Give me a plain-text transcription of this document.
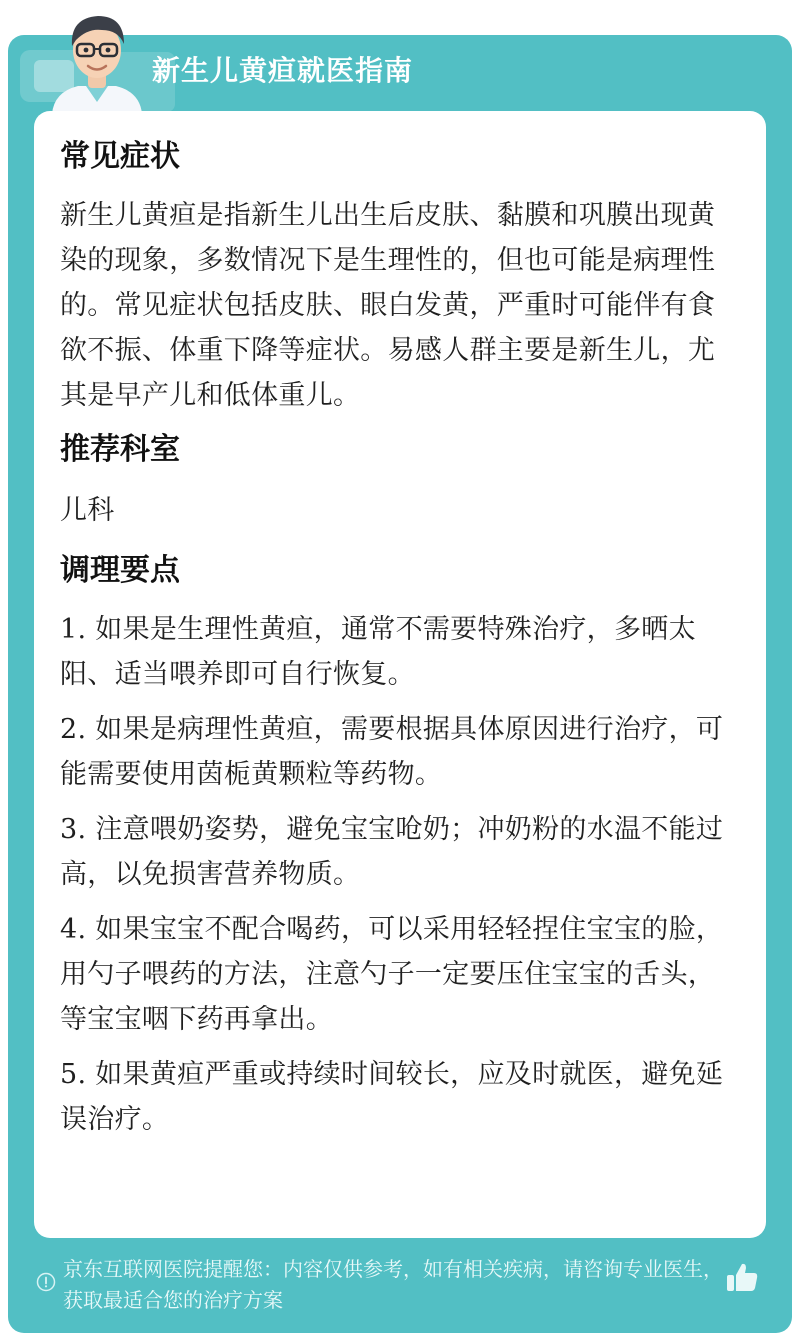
新生儿黄疸就医指南
常见症状
新生儿黄疸是指新生儿出生后皮肤、黏膜和巩膜出现黄染的现象，多数情况下是生理性的，但也可能是病理性的。常见症状包括皮肤、眼白发黄，严重时可能伴有食欲不振、体重下降等症状。易感人群主要是新生儿，尤其是早产儿和低体重儿。
推荐科室
儿科
调理要点
1. 如果是生理性黄疸，通常不需要特殊治疗，多晒太阳、适当喂养即可自行恢复。
2. 如果是病理性黄疸，需要根据具体原因进行治疗，可能需要使用茵栀黄颗粒等药物。
3. 注意喂奶姿势，避免宝宝呛奶；冲奶粉的水温不能过高，以免损害营养物质。
4. 如果宝宝不配合喝药，可以采用轻轻捏住宝宝的脸，用勺子喂药的方法，注意勺子一定要压住宝宝的舌头，等宝宝咽下药再拿出。
5. 如果黄疸严重或持续时间较长，应及时就医，避免延误治疗。
京东互联网医院提醒您：内容仅供参考，如有相关疾病，请咨询专业医生，获取最适合您的治疗方案
